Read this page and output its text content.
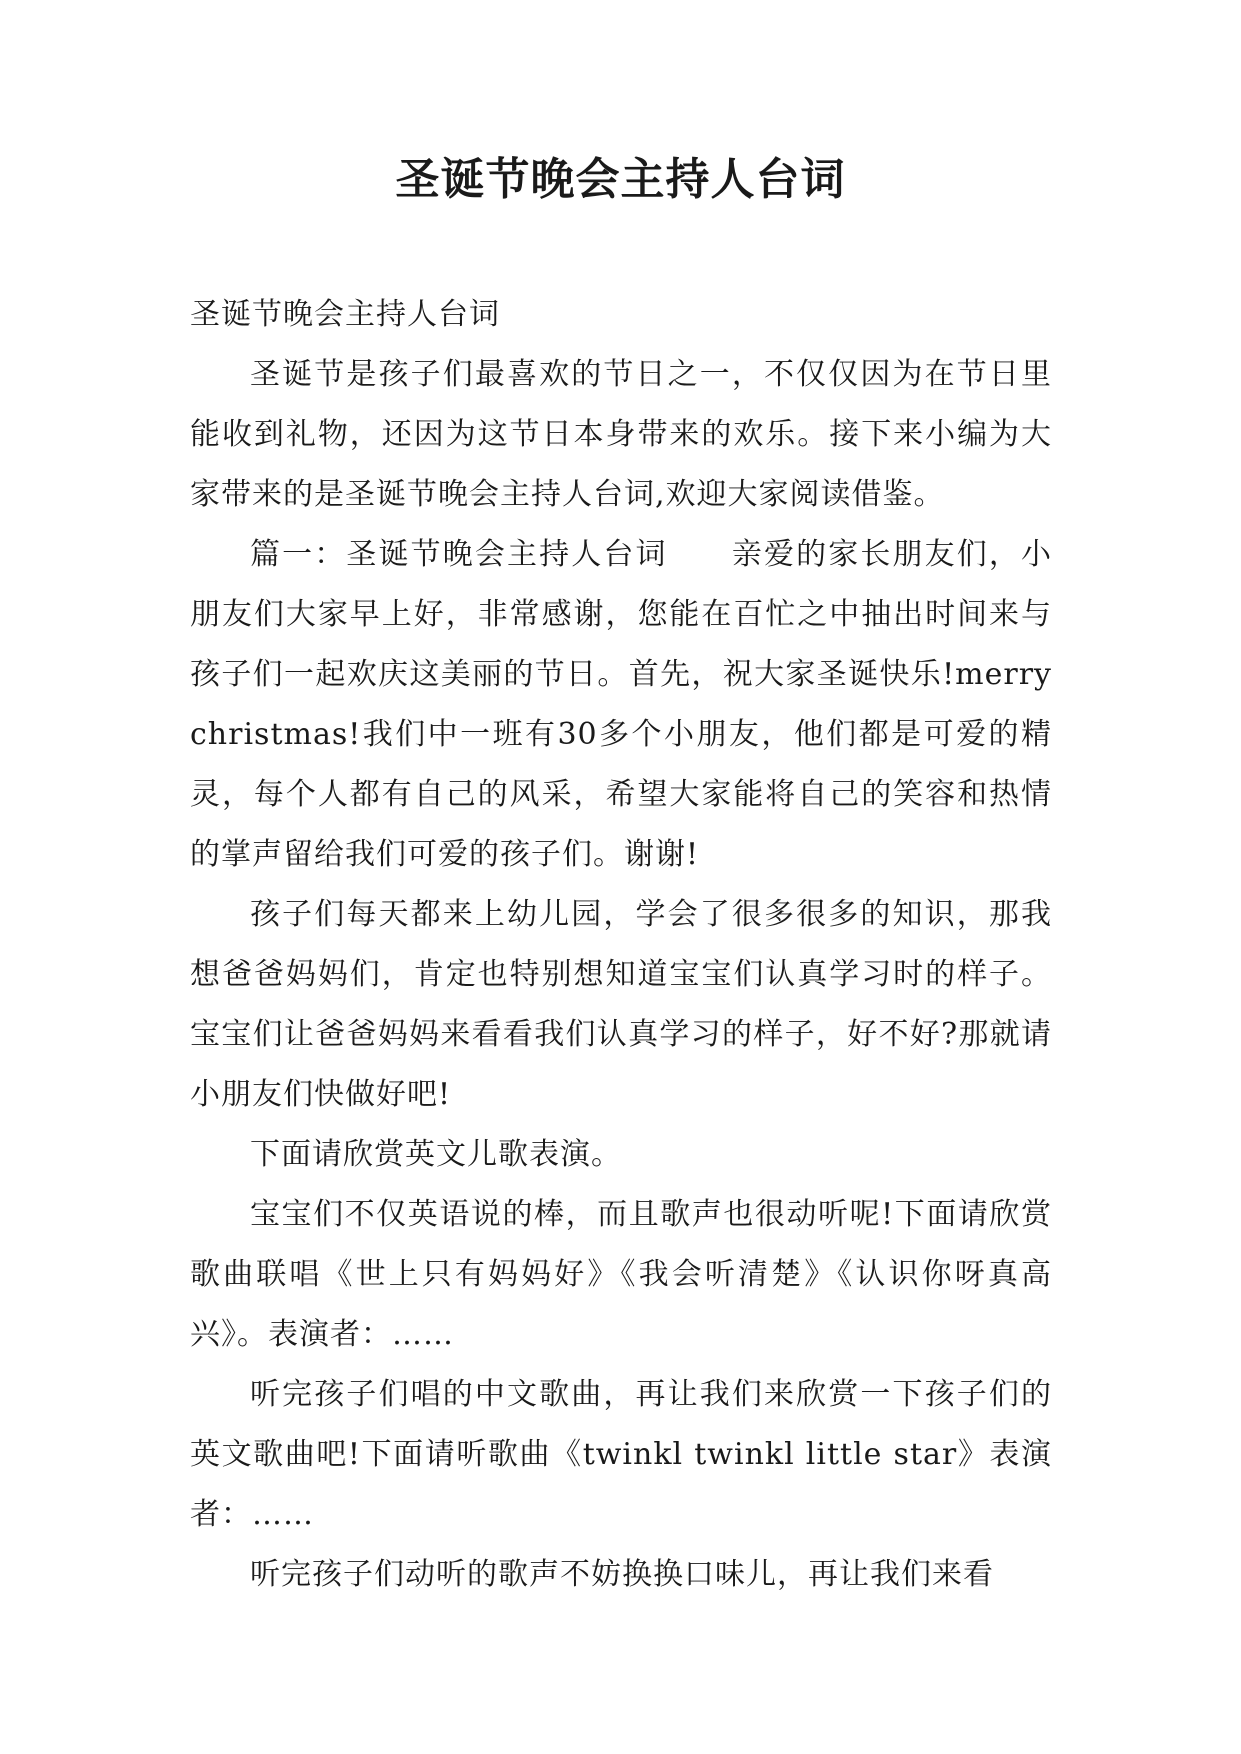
圣诞节晚会主持人台词

圣诞节晚会主持人台词

圣诞节是孩子们最喜欢的节日之一，不仅仅因为在节日里能收到礼物，还因为这节日本身带来的欢乐。接下来小编为大家带来的是圣诞节晚会主持人台词,欢迎大家阅读借鉴。

篇一：圣诞节晚会主持人台词　　亲爱的家长朋友们，小朋友们大家早上好，非常感谢，您能在百忙之中抽出时间来与孩子们一起欢庆这美丽的节日。首先，祝大家圣诞快乐!merry christmas!我们中一班有30多个小朋友，他们都是可爱的精灵，每个人都有自己的风采，希望大家能将自己的笑容和热情的掌声留给我们可爱的孩子们。谢谢!

孩子们每天都来上幼儿园，学会了很多很多的知识，那我想爸爸妈妈们，肯定也特别想知道宝宝们认真学习时的样子。宝宝们让爸爸妈妈来看看我们认真学习的样子，好不好?那就请小朋友们快做好吧!

下面请欣赏英文儿歌表演。

宝宝们不仅英语说的棒，而且歌声也很动听呢!下面请欣赏歌曲联唱《世上只有妈妈好》《我会听清楚》《认识你呀真高兴》。表演者：……

听完孩子们唱的中文歌曲，再让我们来欣赏一下孩子们的英文歌曲吧!下面请听歌曲《twinkl twinkl little star》表演者：……

听完孩子们动听的歌声不妨换换口味儿，再让我们来看
